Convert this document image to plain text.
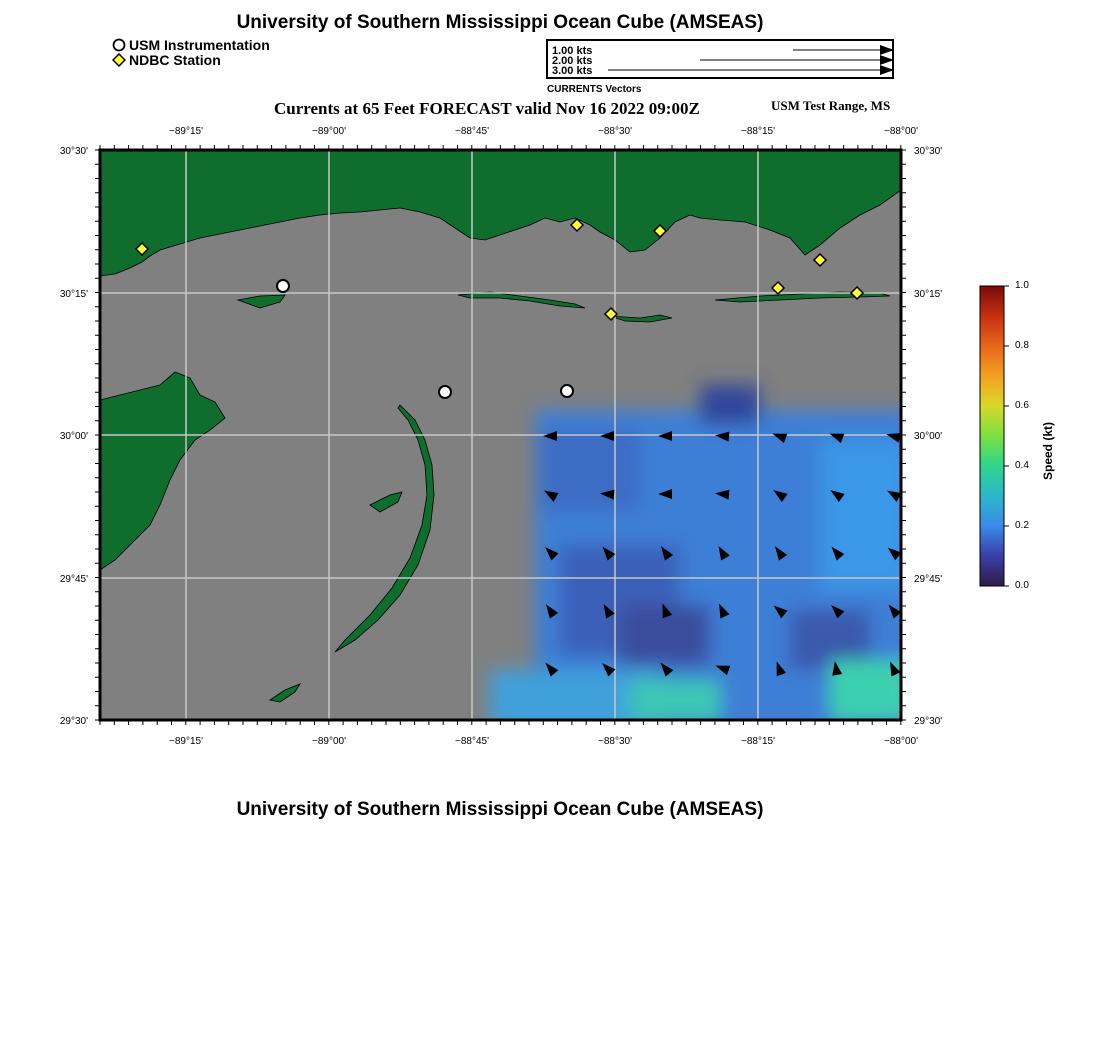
University of Southern Mississippi Ocean Cube (AMSEAS)
USM Instrumentation
NDBC Station
1.00 kts
2.00 kts
3.00 kts
CURRENTS Vectors
Currents at 65 Feet FORECAST valid Nov 16 2022 09:00Z	USM Test Range, MS
−89°15'	−89°00'	−88°45'	−88°30'	−88°15'	−88°00'
−89°15'	−89°00'	−88°45'	−88°30'	−88°15'	−88°00'
30°30'
30°15'
30°00'
29°45'
29°30'
30°30'
30°15'
30°00'
29°45'
29°30'
1.0
0.8
0.6
0.4
0.2
0.0
Speed (kt)
University of Southern Mississippi Ocean Cube (AMSEAS)
